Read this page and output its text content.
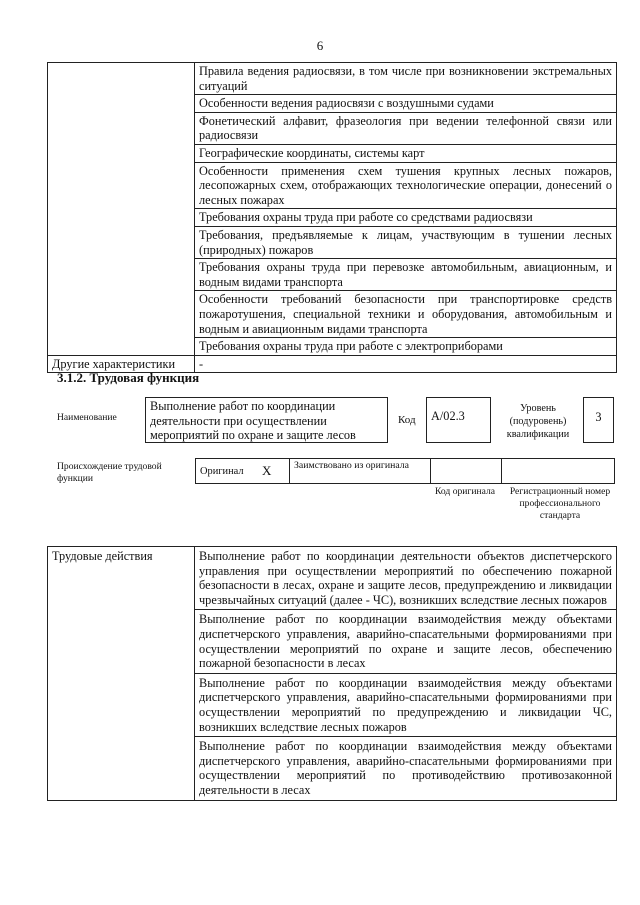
6
	Правила ведения радиосвязи, в том числе при возникновении экстремальных ситуаций
	Особенности ведения радиосвязи с воздушными судами
	Фонетический алфавит, фразеология при ведении телефонной связи или радиосвязи
	Географические координаты, системы карт
	Особенности применения схем тушения крупных лесных пожаров, лесопожарных схем, отображающих технологические операции, донесений о лесных пожарах
	Требования охраны труда при работе со средствами радиосвязи
	Требования, предъявляемые к лицам, участвующим в тушении лесных (природных) пожаров
	Требования охраны труда при перевозке автомобильным, авиационным, и водным видами транспорта
	Особенности требований безопасности при транспортировке средств пожаротушения, специальной техники и оборудования, автомобильным и водным и авиационным видами транспорта
	Требования охраны труда при работе с электроприборами
Другие характеристики	-
3.1.2. Трудовая функция
Наименование
Выполнение работ по координации деятельности при осуществлении мероприятий по охране и защите лесов
Код	A/02.3
Уровень (подуровень) квалификации
3
Происхождение трудовой функции
Оригинал X Заимствовано из оригинала
Код оригинала	Регистрационный номер профессионального стандарта
Трудовые действия	Выполнение работ по координации деятельности объектов диспетчерского управления при осуществлении мероприятий по обеспечению пожарной безопасности в лесах, охране и защите лесов, предупреждению и ликвидации чрезвычайных ситуаций (далее - ЧС), возникших вследствие лесных пожаров
Выполнение работ по координации взаимодействия между объектами диспетчерского управления, аварийно-спасательными формированиями при осуществлении мероприятий по охране и защите лесов, обеспечению пожарной безопасности в лесах
Выполнение работ по координации взаимодействия между объектами диспетчерского управления, аварийно-спасательными формированиями при осуществлении мероприятий по предупреждению и ликвидации ЧС, возникших вследствие лесных пожаров
Выполнение работ по координации взаимодействия между объектами диспетчерского управления, аварийно-спасательными формированиями при осуществлении мероприятий по противодействию противозаконной деятельности в лесах
